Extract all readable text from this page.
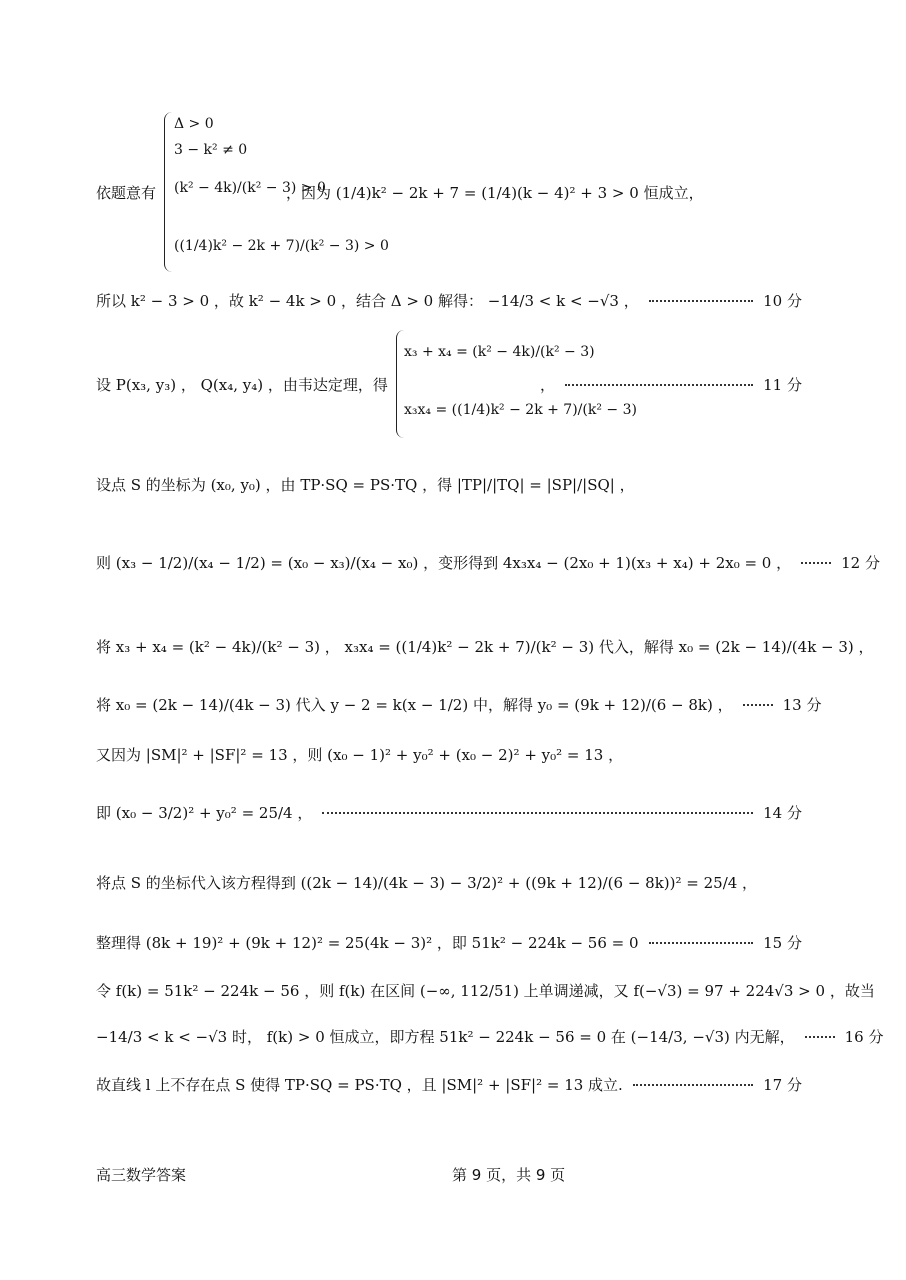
依题意有
Δ > 0
3 − k² ≠ 0
(k² − 4k)/(k² − 3) > 0
((1/4)k² − 2k + 7)/(k² − 3) > 0
，因为 (1/4)k² − 2k + 7 = (1/4)(k − 4)² + 3 > 0 恒成立，
所以 k² − 3 > 0 ，故 k² − 4k > 0 ，结合 Δ > 0 解得： −14/3 < k < −√3 ，	10 分
设 P(x₃, y₃) ， Q(x₄, y₄) ，由韦达定理，得
x₃ + x₄ = (k² − 4k)/(k² − 3)
x₃x₄ = ((1/4)k² − 2k + 7)/(k² − 3)
，	11 分
设点 S 的坐标为 (x₀, y₀) ，由 TP·SQ = PS·TQ ，得 |TP|/|TQ| = |SP|/|SQ| ，
则 (x₃ − 1/2)/(x₄ − 1/2) = (x₀ − x₃)/(x₄ − x₀) ，变形得到 4x₃x₄ − (2x₀ + 1)(x₃ + x₄) + 2x₀ = 0 ，	12 分
将 x₃ + x₄ = (k² − 4k)/(k² − 3) ， x₃x₄ = ((1/4)k² − 2k + 7)/(k² − 3) 代入，解得 x₀ = (2k − 14)/(4k − 3) ，
将 x₀ = (2k − 14)/(4k − 3) 代入 y − 2 = k(x − 1/2) 中，解得 y₀ = (9k + 12)/(6 − 8k) ，	13 分
又因为 |SM|² + |SF|² = 13 ，则 (x₀ − 1)² + y₀² + (x₀ − 2)² + y₀² = 13 ，
即 (x₀ − 3/2)² + y₀² = 25/4 ，	14 分
将点 S 的坐标代入该方程得到 ((2k − 14)/(4k − 3) − 3/2)² + ((9k + 12)/(6 − 8k))² = 25/4 ，
整理得 (8k + 19)² + (9k + 12)² = 25(4k − 3)² ，即 51k² − 224k − 56 = 0	15 分
令 f(k) = 51k² − 224k − 56 ，则 f(k) 在区间 (−∞, 112/51) 上单调递减，又 f(−√3) = 97 + 224√3 > 0 ，故当
−14/3 < k < −√3 时， f(k) > 0 恒成立，即方程 51k² − 224k − 56 = 0 在 (−14/3, −√3) 内无解，	16 分
故直线 l 上不存在点 S 使得 TP·SQ = PS·TQ ，且 |SM|² + |SF|² = 13 成立.	17 分
高三数学答案	第 9 页，共 9 页
